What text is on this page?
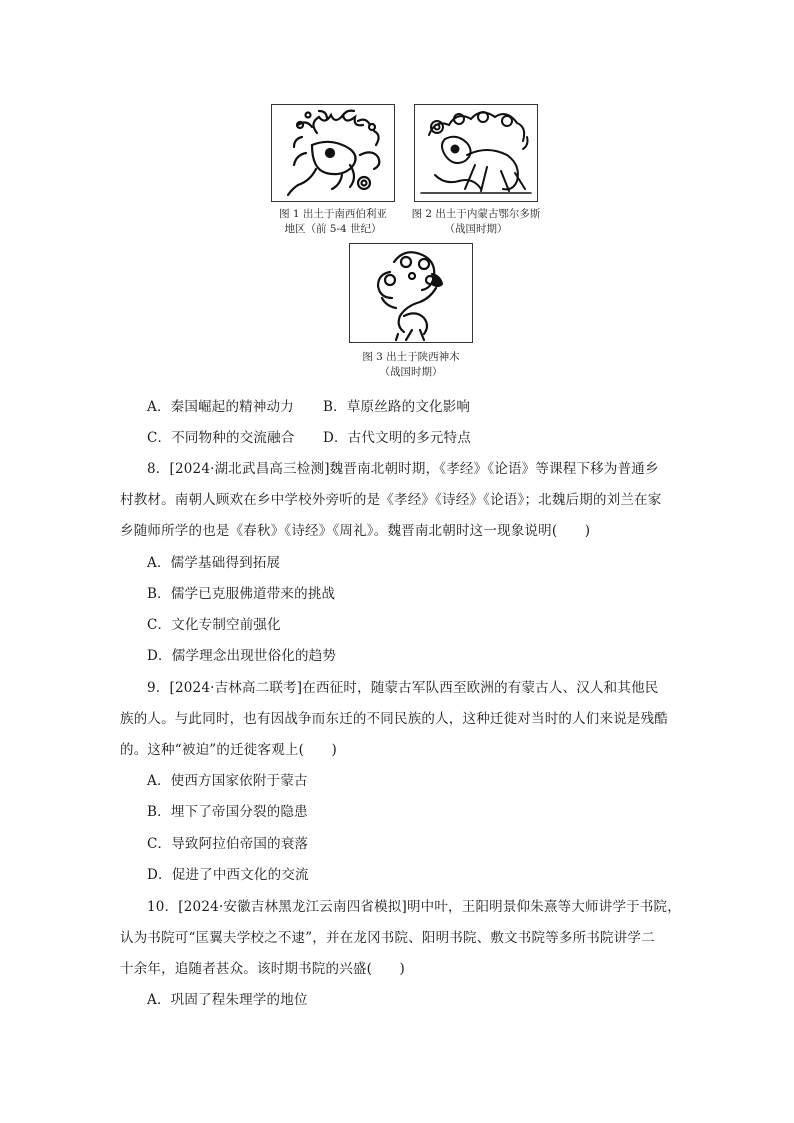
图 1 出土于南西伯利亚
地区（前 5-4 世纪）
图 2 出土于内蒙古鄂尔多斯
（战国时期）
图 3 出土于陕西神木
（战国时期）
A．秦国崛起的精神动力 B．草原丝路的文化影响
C．不同物种的交流融合 D．古代文明的多元特点
8．[2024·湖北武昌高三检测]魏晋南北朝时期，《孝经》《论语》等课程下移为普通乡
村教材。南朝人顾欢在乡中学校外旁听的是《孝经》《诗经》《论语》；北魏后期的刘兰在家
乡随师所学的也是《春秋》《诗经》《周礼》。魏晋南北朝时这一现象说明(　　)
A．儒学基础得到拓展
B．儒学已克服佛道带来的挑战
C．文化专制空前强化
D．儒学理念出现世俗化的趋势
9．[2024·吉林高二联考]在西征时，随蒙古军队西至欧洲的有蒙古人、汉人和其他民
族的人。与此同时，也有因战争而东迁的不同民族的人，这种迁徙对当时的人们来说是残酷
的。这种“被迫”的迁徙客观上(　　)
A．使西方国家依附于蒙古
B．埋下了帝国分裂的隐患
C．导致阿拉伯帝国的衰落
D．促进了中西文化的交流
10．[2024·安徽吉林黑龙江云南四省模拟]明中叶，王阳明景仰朱熹等大师讲学于书院，
认为书院可“匡翼夫学校之不逮”，并在龙冈书院、阳明书院、敷文书院等多所书院讲学二
十余年，追随者甚众。该时期书院的兴盛(　　)
A．巩固了程朱理学的地位
